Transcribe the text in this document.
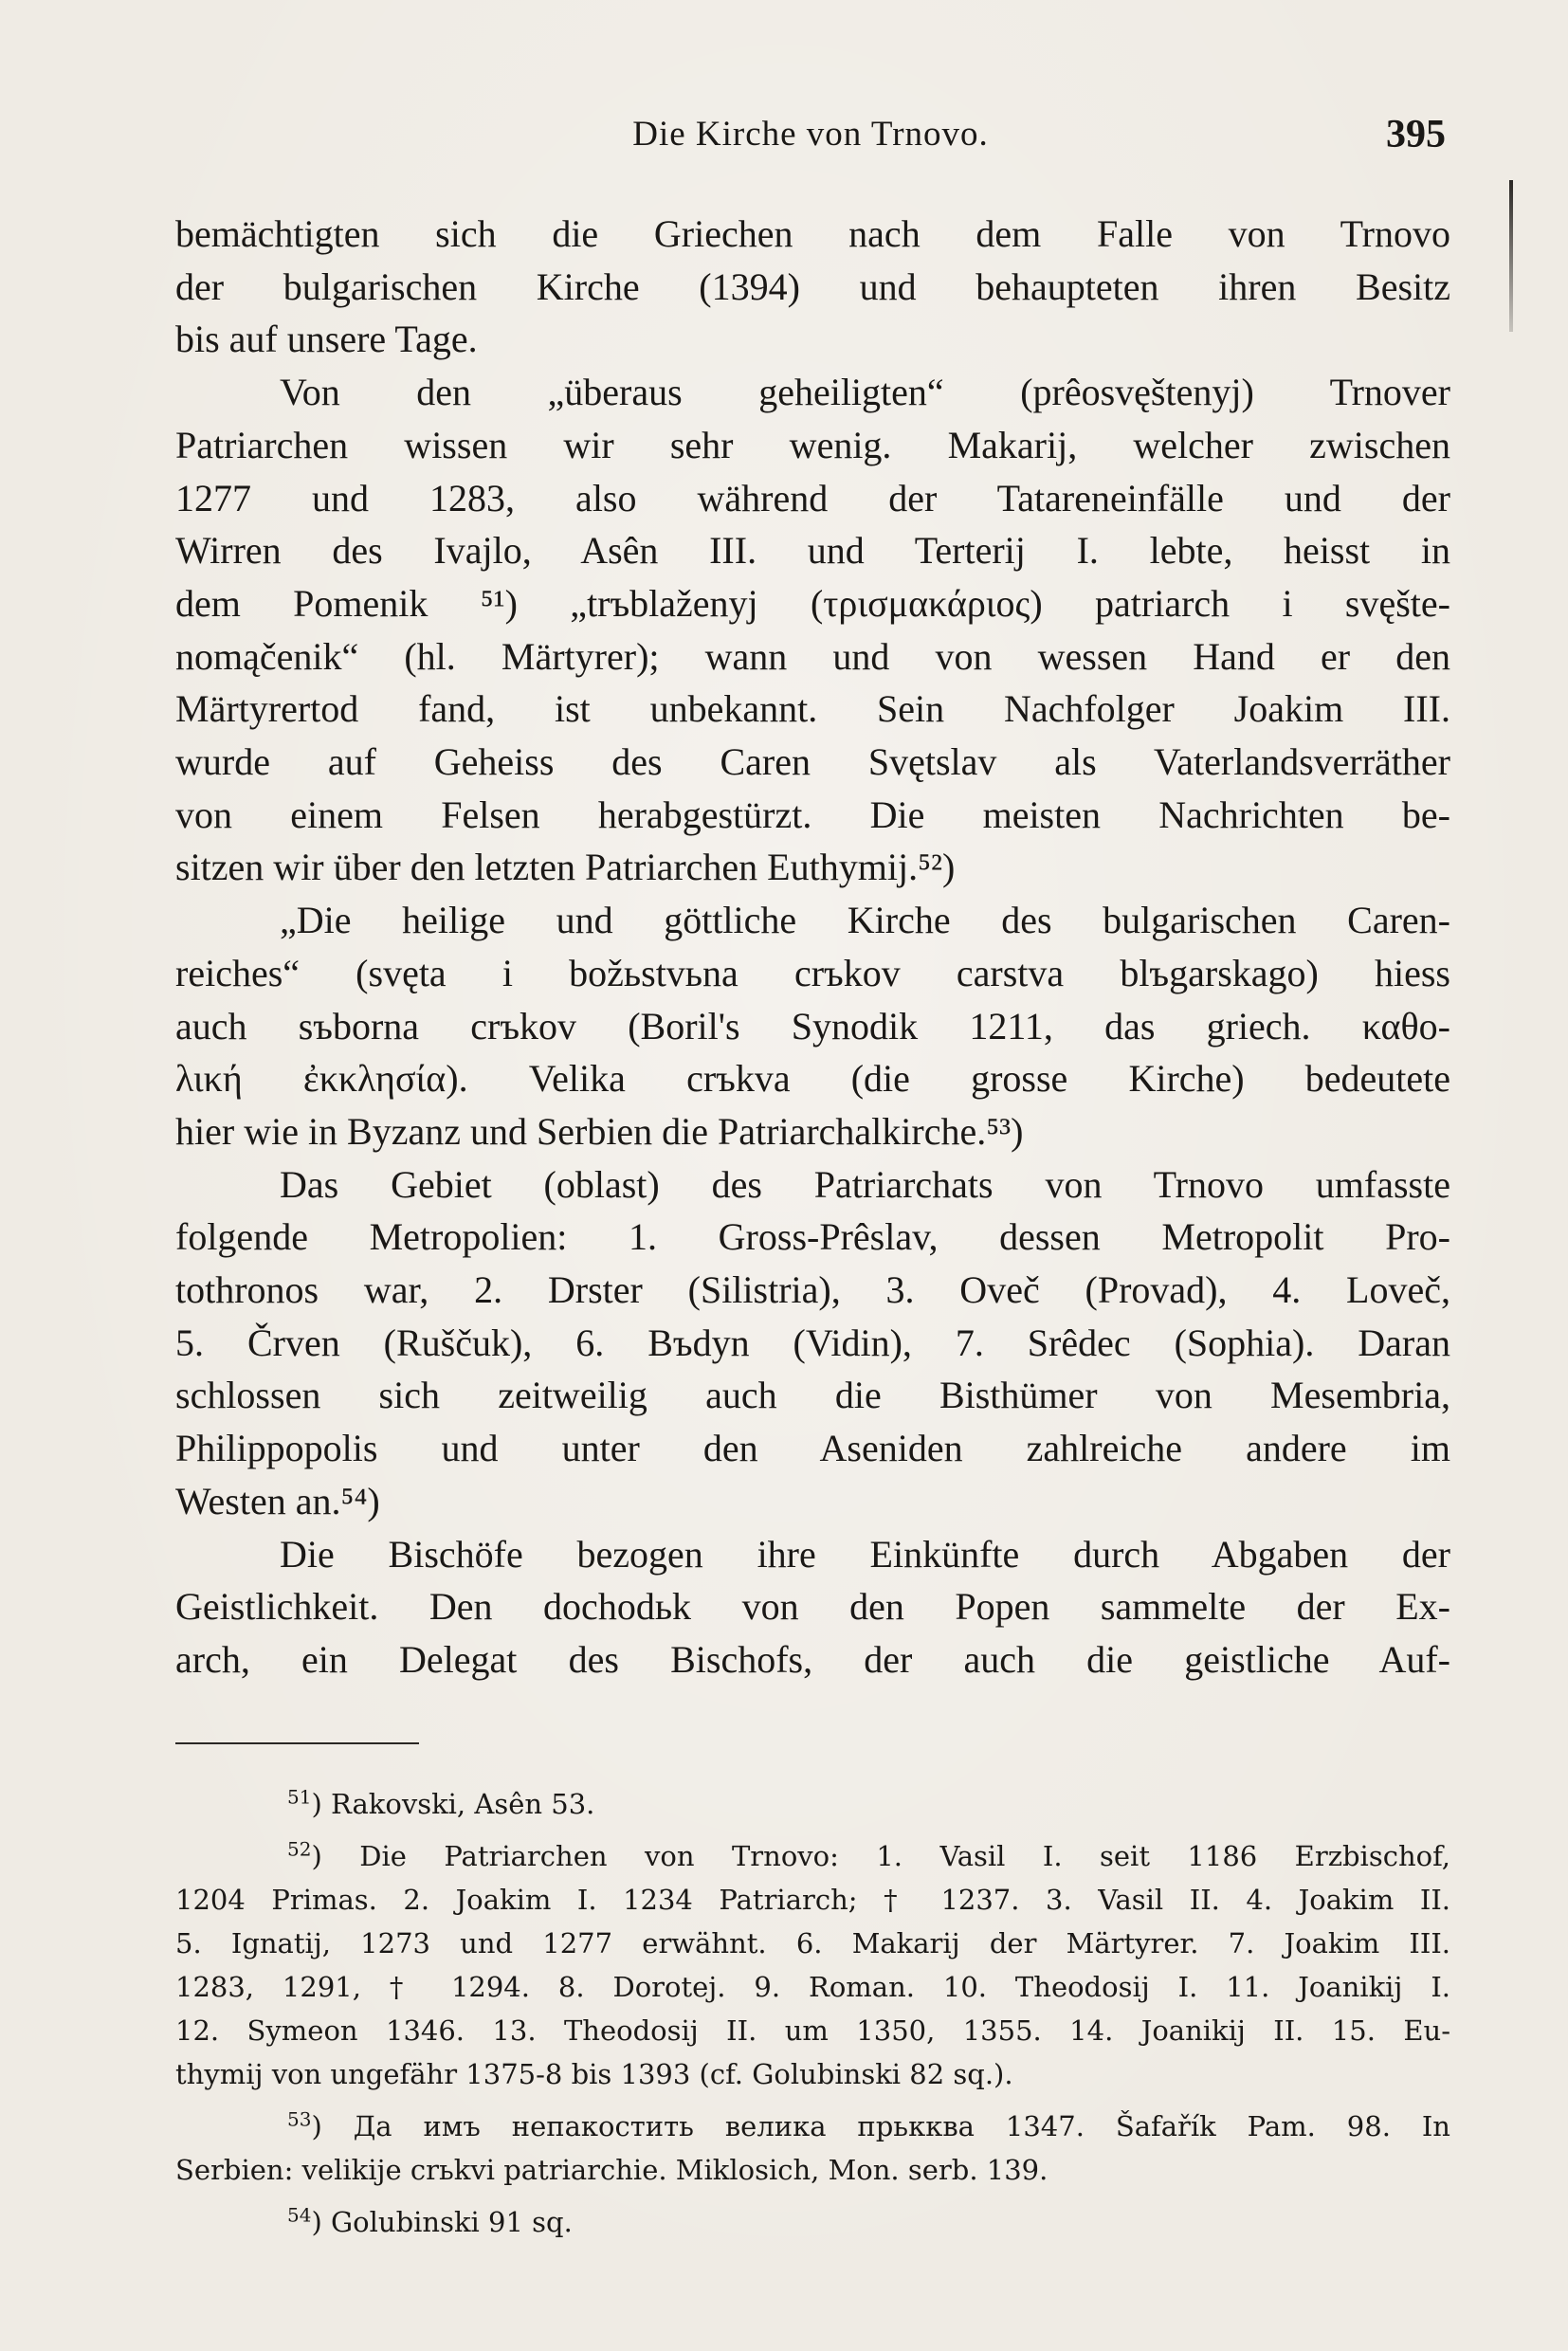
Die Kirche von Trnovo.	395

bemächtigten sich die Griechen nach dem Falle von Trnovo
der bulgarischen Kirche (1394) und behaupteten ihren Besitz
bis auf unsere Tage.

Von den „überaus geheiligten“ (prêosvęštenyj) Trnover
Patriarchen wissen wir sehr wenig. Makarij, welcher zwischen
1277 und 1283, also während der Tatareneinfälle und der
Wirren des Ivajlo, Asên III. und Terterij I. lebte, heisst in
dem Pomenik ⁵¹) „trъblaženyj (τρισμακάριος) patriarch i svęšte-
nomąčenik“ (hl. Märtyrer); wann und von wessen Hand er den
Märtyrertod fand, ist unbekannt. Sein Nachfolger Joakim III.
wurde auf Geheiss des Caren Svętslav als Vaterlandsverräther
von einem Felsen herabgestürzt. Die meisten Nachrichten be-
sitzen wir über den letzten Patriarchen Euthymij.⁵²)

„Die heilige und göttliche Kirche des bulgarischen Caren-
reiches“ (svęta i božьstvьna crъkov carstva blъgarskago) hiess
auch sъborna crъkov (Boril's Synodik 1211, das griech. καθο-
λική ἐκκλησία). Velika crъkva (die grosse Kirche) bedeutete
hier wie in Byzanz und Serbien die Patriarchalkirche.⁵³)

Das Gebiet (oblast) des Patriarchats von Trnovo umfasste
folgende Metropolien: 1. Gross-Prêslav, dessen Metropolit Pro-
tothronos war, 2. Drster (Silistria), 3. Ovеč (Provad), 4. Loveč,
5. Črven (Ruščuk), 6. Bъdyn (Vidin), 7. Srêdec (Sophia). Daran
schlossen sich zeitweilig auch die Bisthümer von Mesembria,
Philippopolis und unter den Aseniden zahlreiche andere im
Westen an.⁵⁴)

Die Bischöfe bezogen ihre Einkünfte durch Abgaben der
Geistlichkeit. Den dochodьk von den Popen sammelte der Ex-
arch, ein Delegat des Bischofs, der auch die geistliche Auf-

$^{51}$) Rakovski, Asên 53.

$^{52}$) Die Patriarchen von Trnovo: 1. Vasil I. seit 1186 Erzbischof,
1204 Primas. 2. Joakim I. 1234 Patriarch; † 1237. 3. Vasil II. 4. Joakim II.
5. Ignatij, 1273 und 1277 erwähnt. 6. Makarij der Märtyrer. 7. Joakim III.
1283, 1291, † 1294. 8. Dorotej. 9. Roman. 10. Theodosij I. 11. Joanikij I.
12. Symeon 1346. 13. Theodosij II. um 1350, 1355. 14. Joanikij II. 15. Eu-
thymij von ungefähr 1375-8 bis 1393 (cf. Golubinski 82 sq.).

$^{53}$) Да имъ непакостить велика прькква 1347. Šafařík Pam. 98. In
Serbien: velikije crьkvi patriarchie. Miklosich, Mon. serb. 139.

$^{54}$) Golubinski 91 sq.
